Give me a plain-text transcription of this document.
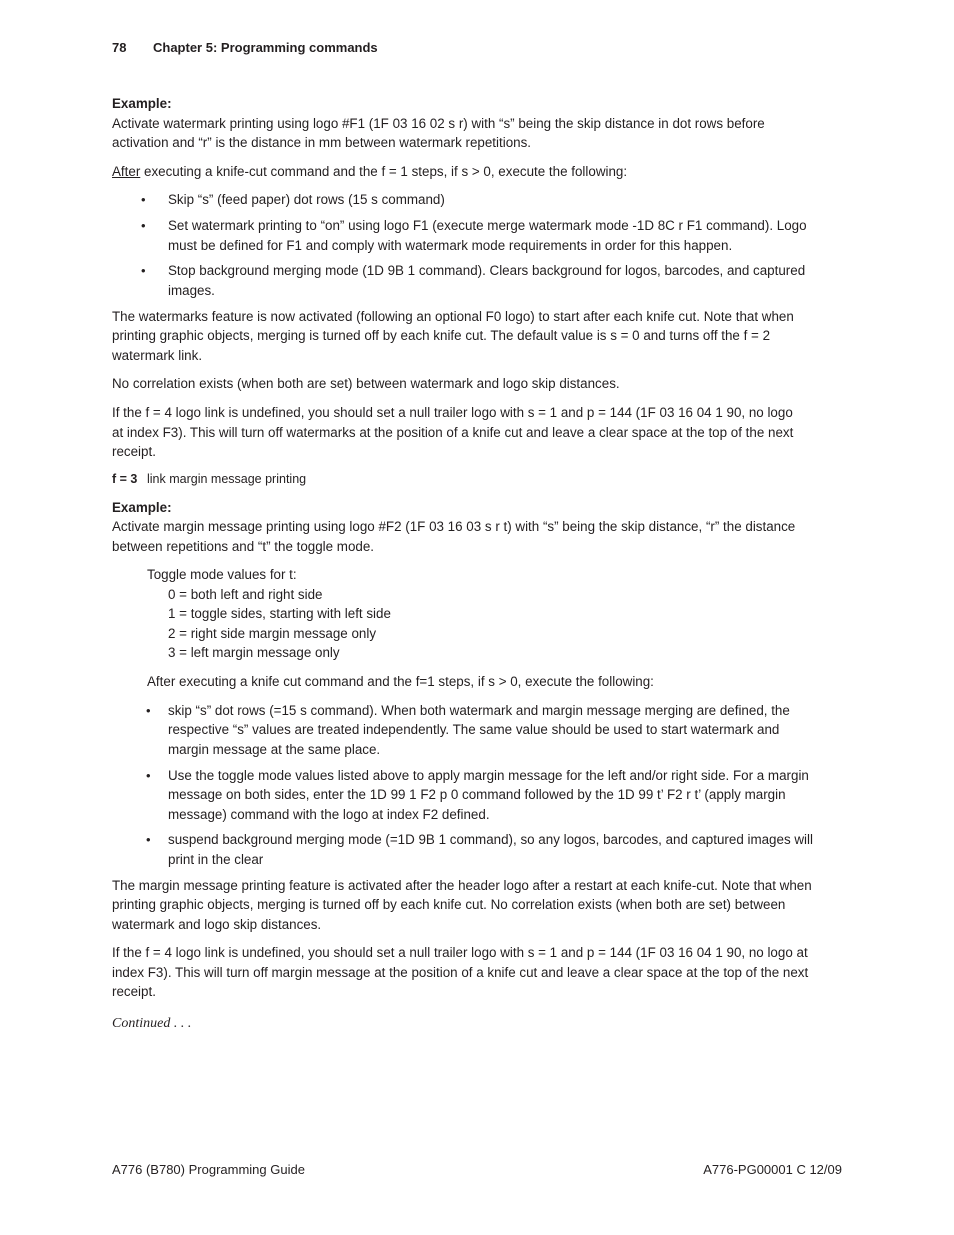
78 Chapter 5: Programming commands
Example:
Activate watermark printing using logo #F1 (1F 03 16 02 s r) with “s” being the skip distance in dot rows before
activation and “r” is the distance in mm between watermark repetitions.
After executing a knife-cut command and the f = 1 steps, if s > 0, execute the following:
• Skip “s” (feed paper) dot rows (15 s command)
• Set watermark printing to “on” using logo F1 (execute merge watermark mode -1D 8C r F1 command). Logo
must be defined for F1 and comply with watermark mode requirements in order for this happen.
• Stop background merging mode (1D 9B 1 command). Clears background for logos, barcodes, and captured
images.
The watermarks feature is now activated (following an optional F0 logo) to start after each knife cut. Note that when
printing graphic objects, merging is turned off by each knife cut. The default value is s = 0 and turns off the f = 2
watermark link.
No correlation exists (when both are set) between watermark and logo skip distances.
If the f = 4 logo link is undefined, you should set a null trailer logo with s = 1 and p = 144 (1F 03 16 04 1 90, no logo
at index F3). This will turn off watermarks at the position of a knife cut and leave a clear space at the top of the next
receipt.
f = 3 link margin message printing
Example:
Activate margin message printing using logo #F2 (1F 03 16 03 s r t) with “s” being the skip distance, “r” the distance
between repetitions and “t” the toggle mode.
Toggle mode values for t:
0 = both left and right side
1 = toggle sides, starting with left side
2 = right side margin message only
3 = left margin message only
After executing a knife cut command and the f=1 steps, if s > 0, execute the following:
• skip “s” dot rows (=15 s command). When both watermark and margin message merging are defined, the
respective “s” values are treated independently. The same value should be used to start watermark and
margin message at the same place.
• Use the toggle mode values listed above to apply margin message for the left and/or right side. For a margin
message on both sides, enter the 1D 99 1 F2 p 0 command followed by the 1D 99 t’ F2 r t’ (apply margin
message) command with the logo at index F2 defined.
• suspend background merging mode (=1D 9B 1 command), so any logos, barcodes, and captured images will
print in the clear
The margin message printing feature is activated after the header logo after a restart at each knife-cut. Note that when
printing graphic objects, merging is turned off by each knife cut. No correlation exists (when both are set) between
watermark and logo skip distances.
If the f = 4 logo link is undefined, you should set a null trailer logo with s = 1 and p = 144 (1F 03 16 04 1 90, no logo at
index F3). This will turn off margin message at the position of a knife cut and leave a clear space at the top of the next
receipt.
Continued . . .
A776 (B780) Programming Guide	A776-PG00001 C 12/09
